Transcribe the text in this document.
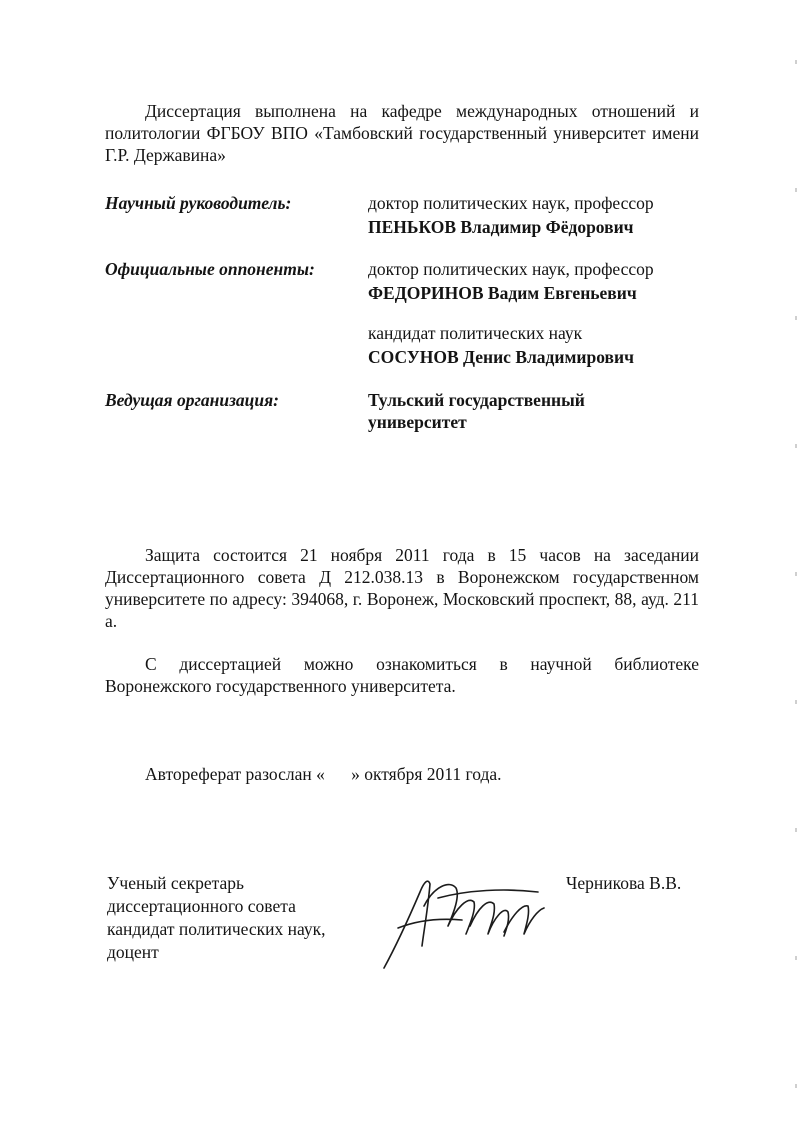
Диссертация выполнена на кафедре международных отношений и политологии ФГБОУ ВПО «Тамбовский государственный университет имени Г.Р. Державина»

Научный руководитель:	доктор политических наук, профессор
ПЕНЬКОВ Владимир Фёдорович
Официальные оппоненты:	доктор политических наук, профессор
ФЕДОРИНОВ Вадим Евгеньевич
кандидат политических наук
СОСУНОВ Денис Владимирович
Ведущая организация:	Тульский государственный университет

Защита состоится 21 ноября 2011 года в 15 часов на заседании Диссертационного совета Д 212.038.13 в Воронежском государственном университете по адресу: 394068, г. Воронеж, Московский проспект, 88, ауд. 211 а.

С диссертацией можно ознакомиться в научной библиотеке Воронежского государственного университета.

Автореферат разослан «      » октября 2011 года.

Ученый секретарь
диссертационного совета
кандидат политических наук,
доцент
Черникова В.В.
